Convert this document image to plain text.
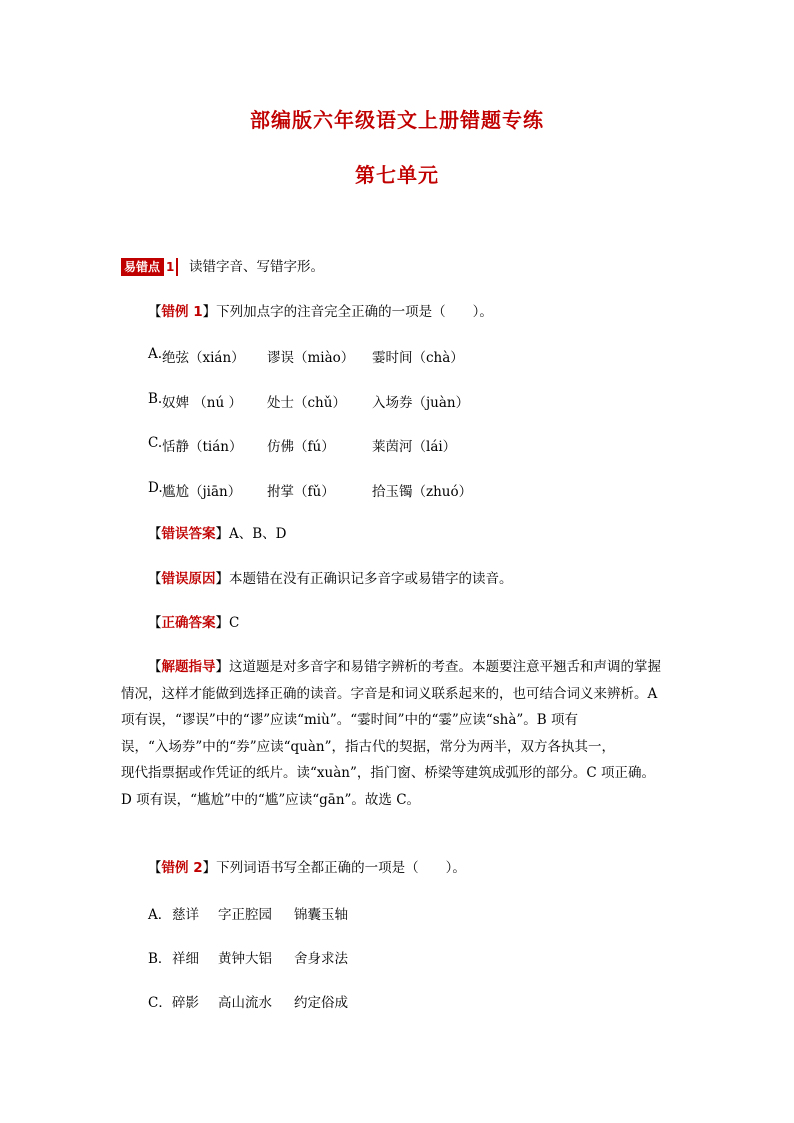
部编版六年级语文上册错题专练
第七单元
易错点 1 读错字音、写错字形。
【错例 1】下列加点字的注音完全正确的一项是（　　）。
A. 绝弦（xián） 谬误（miào） 霎时间（chà）
B. 奴婢 （nú ） 处士（chǔ） 入场券（juàn）
C. 恬静（tián） 仿佛（fú）	莱茵河（lái）
D. 尴尬（jiān） 拊掌（fǔ）	拾玉镯（zhuó）
【错误答案】A、B、D
【错误原因】本题错在没有正确识记多音字或易错字的读音。
【正确答案】C

【解题指导】这道题是对多音字和易错字辨析的考查。本题要注意平翘舌和声调的掌握

情况，这样才能做到选择正确的读音。字音是和词义联系起来的，也可结合词义来辨析。A

项有误，“谬误”中的“谬”应读“miù”。“霎时间”中的“霎”应读“shà”。B 项有

误，“入场券”中的“券”应读“quàn”，指古代的契据，常分为两半，双方各执其一，

现代指票据或作凭证的纸片。读“xuàn”，指门窗、桥梁等建筑成弧形的部分。C 项正确。

D 项有误，“尴尬”中的“尴”应读“gān”。故选 C。

【错例 2】下列词语书写全都正确的一项是（　　）。
A． 慈详 字正腔园 锦囊玉轴
B． 祥细 黄钟大铝 舍身求法
C． 碎影 高山流水 约定俗成
